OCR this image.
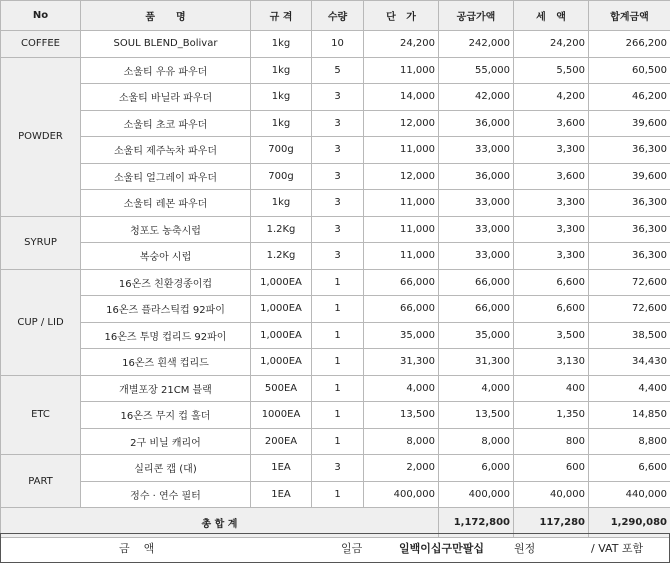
No	품      명	규 격	수량	단   가	공급가액	세   액	합계금액
COFFEE	SOUL BLEND_Bolivar	1kg	10	24,200	242,000	24,200	266,200
POWDER	소울티 우유 파우더	1kg	5	11,000	55,000	5,500	60,500
	소울티 바닐라 파우더	1kg	3	14,000	42,000	4,200	46,200
	소울티 초코 파우더	1kg	3	12,000	36,000	3,600	39,600
	소울티 제주녹차 파우더	700g	3	11,000	33,000	3,300	36,300
	소울티 얼그레이 파우더	700g	3	12,000	36,000	3,600	39,600
	소울티 레몬 파우더	1kg	3	11,000	33,000	3,300	36,300
SYRUP	청포도 농축시럽	1.2Kg	3	11,000	33,000	3,300	36,300
	복숭아 시럽	1.2Kg	3	11,000	33,000	3,300	36,300
CUP / LID	16온즈 친환경종이컵	1,000EA	1	66,000	66,000	6,600	72,600
	16온즈 플라스틱컵 92파이	1,000EA	1	66,000	66,000	6,600	72,600
	16온즈 투명 컵리드 92파이	1,000EA	1	35,000	35,000	3,500	38,500
	16온즈 흰색 컵리드	1,000EA	1	31,300	31,300	3,130	34,430
ETC	개별포장 21CM 블랙	500EA	1	4,000	4,000	400	4,400
	16온즈 무지 컵 홀더	1000EA	1	13,500	13,500	1,350	14,850
	2구 비닐 캐리어	200EA	1	8,000	8,000	800	8,800
PART	실리콘 캡 (대)	1EA	3	2,000	6,000	600	6,600
	정수 · 연수 필터	1EA	1	400,000	400,000	40,000	440,000
총 합 계					1,172,800	117,280	1,290,080
금    액	일금	일백이십구만팔십	원정	/ VAT 포함
